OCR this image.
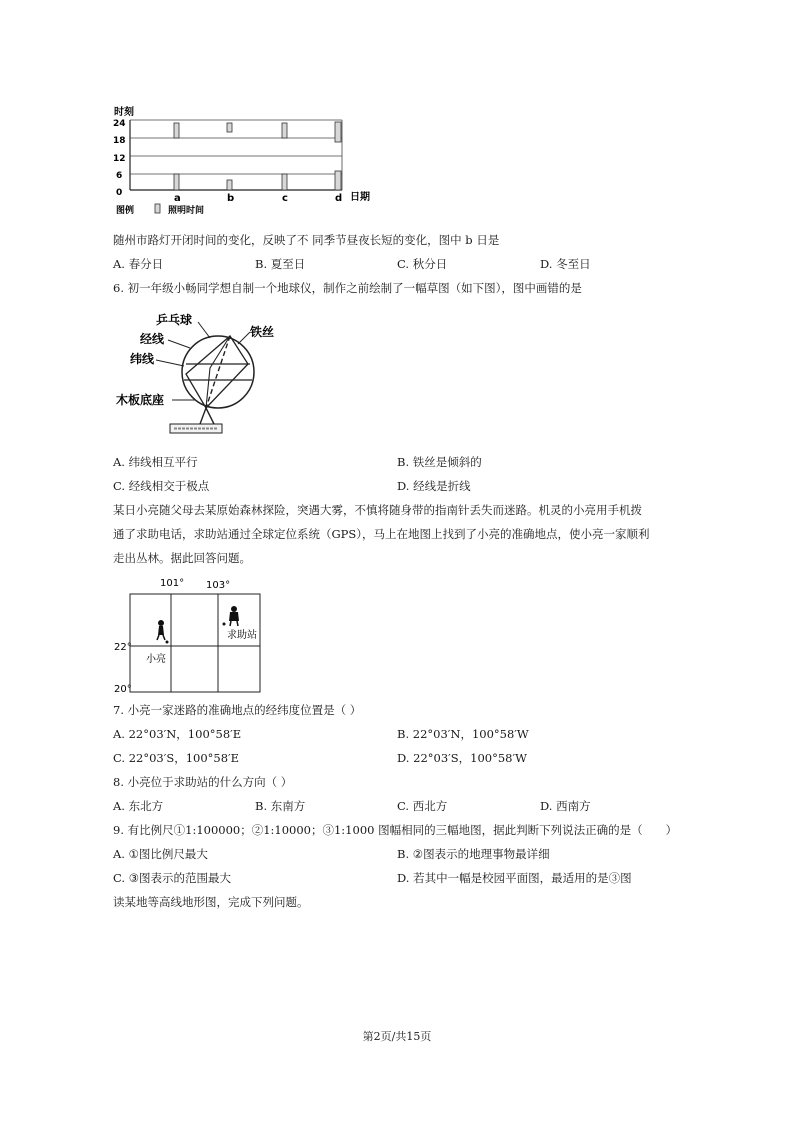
时刻
24
18
12
6
0	a	b	c	d 日期
图例	照明时间
随州市路灯开闭时间的变化，反映了不 同季节昼夜长短的变化，图中 b 日是
A. 春分日	B. 夏至日	C. 秋分日	D. 冬至日
6. 初一年级小畅同学想自制一个地球仪，制作之前绘制了一幅草图（如下图），图中画错的是
乒乓球
经线
纬线
铁丝
木板底座
A. 纬线相互平行	B. 铁丝是倾斜的
C. 经线相交于极点	D. 经线是折线
某日小亮随父母去某原始森林探险，突遇大雾，不慎将随身带的指南针丢失而迷路。机灵的小亮用手机拨
通了求助电话，求助站通过全球定位系统（GPS），马上在地图上找到了小亮的准确地点，使小亮一家顺利
走出丛林。据此回答问题。
101° 103°
22°
20°
小亮
求助站
7. 小亮一家迷路的准确地点的经纬度位置是（ ）
A. 22°03′N，100°58′E	B. 22°03′N，100°58′W
C. 22°03′S，100°58′E	D. 22°03′S，100°58′W
8. 小亮位于求助站的什么方向（ ）
A. 东北方	B. 东南方	C. 西北方	D. 西南方
9. 有比例尺①1:100000；②1:10000；③1:1000 图幅相同的三幅地图，据此判断下列说法正确的是（　　）
A. ①图比例尺最大	B. ②图表示的地理事物最详细
C. ③图表示的范围最大	D. 若其中一幅是校园平面图，最适用的是③图
读某地等高线地形图，完成下列问题。
第2页/共15页
